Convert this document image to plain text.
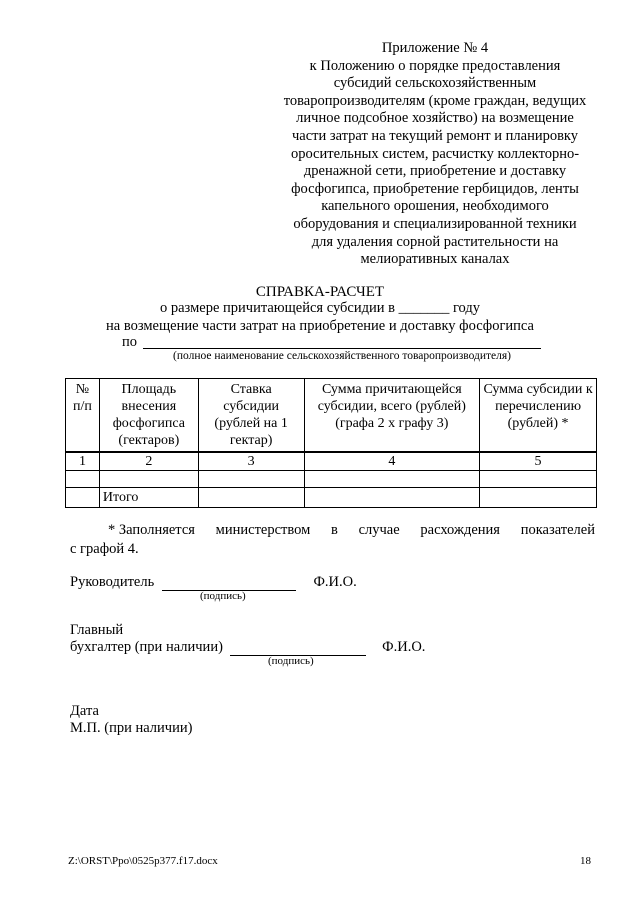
Приложение № 4
к Положению о порядке предоставления
субсидий сельскохозяйственным
товаропроизводителям (кроме граждан, ведущих
личное подсобное хозяйство) на возмещение
части затрат на текущий ремонт и планировку
оросительных систем, расчистку коллекторно-
дренажной сети, приобретение и доставку
фосфогипса, приобретение гербицидов, ленты
капельного орошения, необходимого
оборудования и специализированной техники
для удаления сорной растительности на
мелиоративных каналах
СПРАВКА-РАСЧЕТ
о размере причитающейся субсидии в _______ году
на возмещение части затрат на приобретение и доставку фосфогипса
по
(полное наименование сельскохозяйственного товаропроизводителя)
№ п/п	Площадь внесения фосфогипса (гектаров)	Ставка субсидии (рублей на 1 гектар)	Сумма причитающейся субсидии, всего (рублей) (графа 2 х графу 3)	Сумма субсидии к перечислению (рублей) *
1	2	3	4	5

	Итого			
* Заполняется министерством в случае расхождения показателей
с графой 4.
Руководитель	Ф.И.О.
(подпись)
Главный
бухгалтер (при наличии)	Ф.И.О.
(подпись)
Дата
М.П. (при наличии)
Z:\ORST\Ppo\0525p377.f17.docx	18
